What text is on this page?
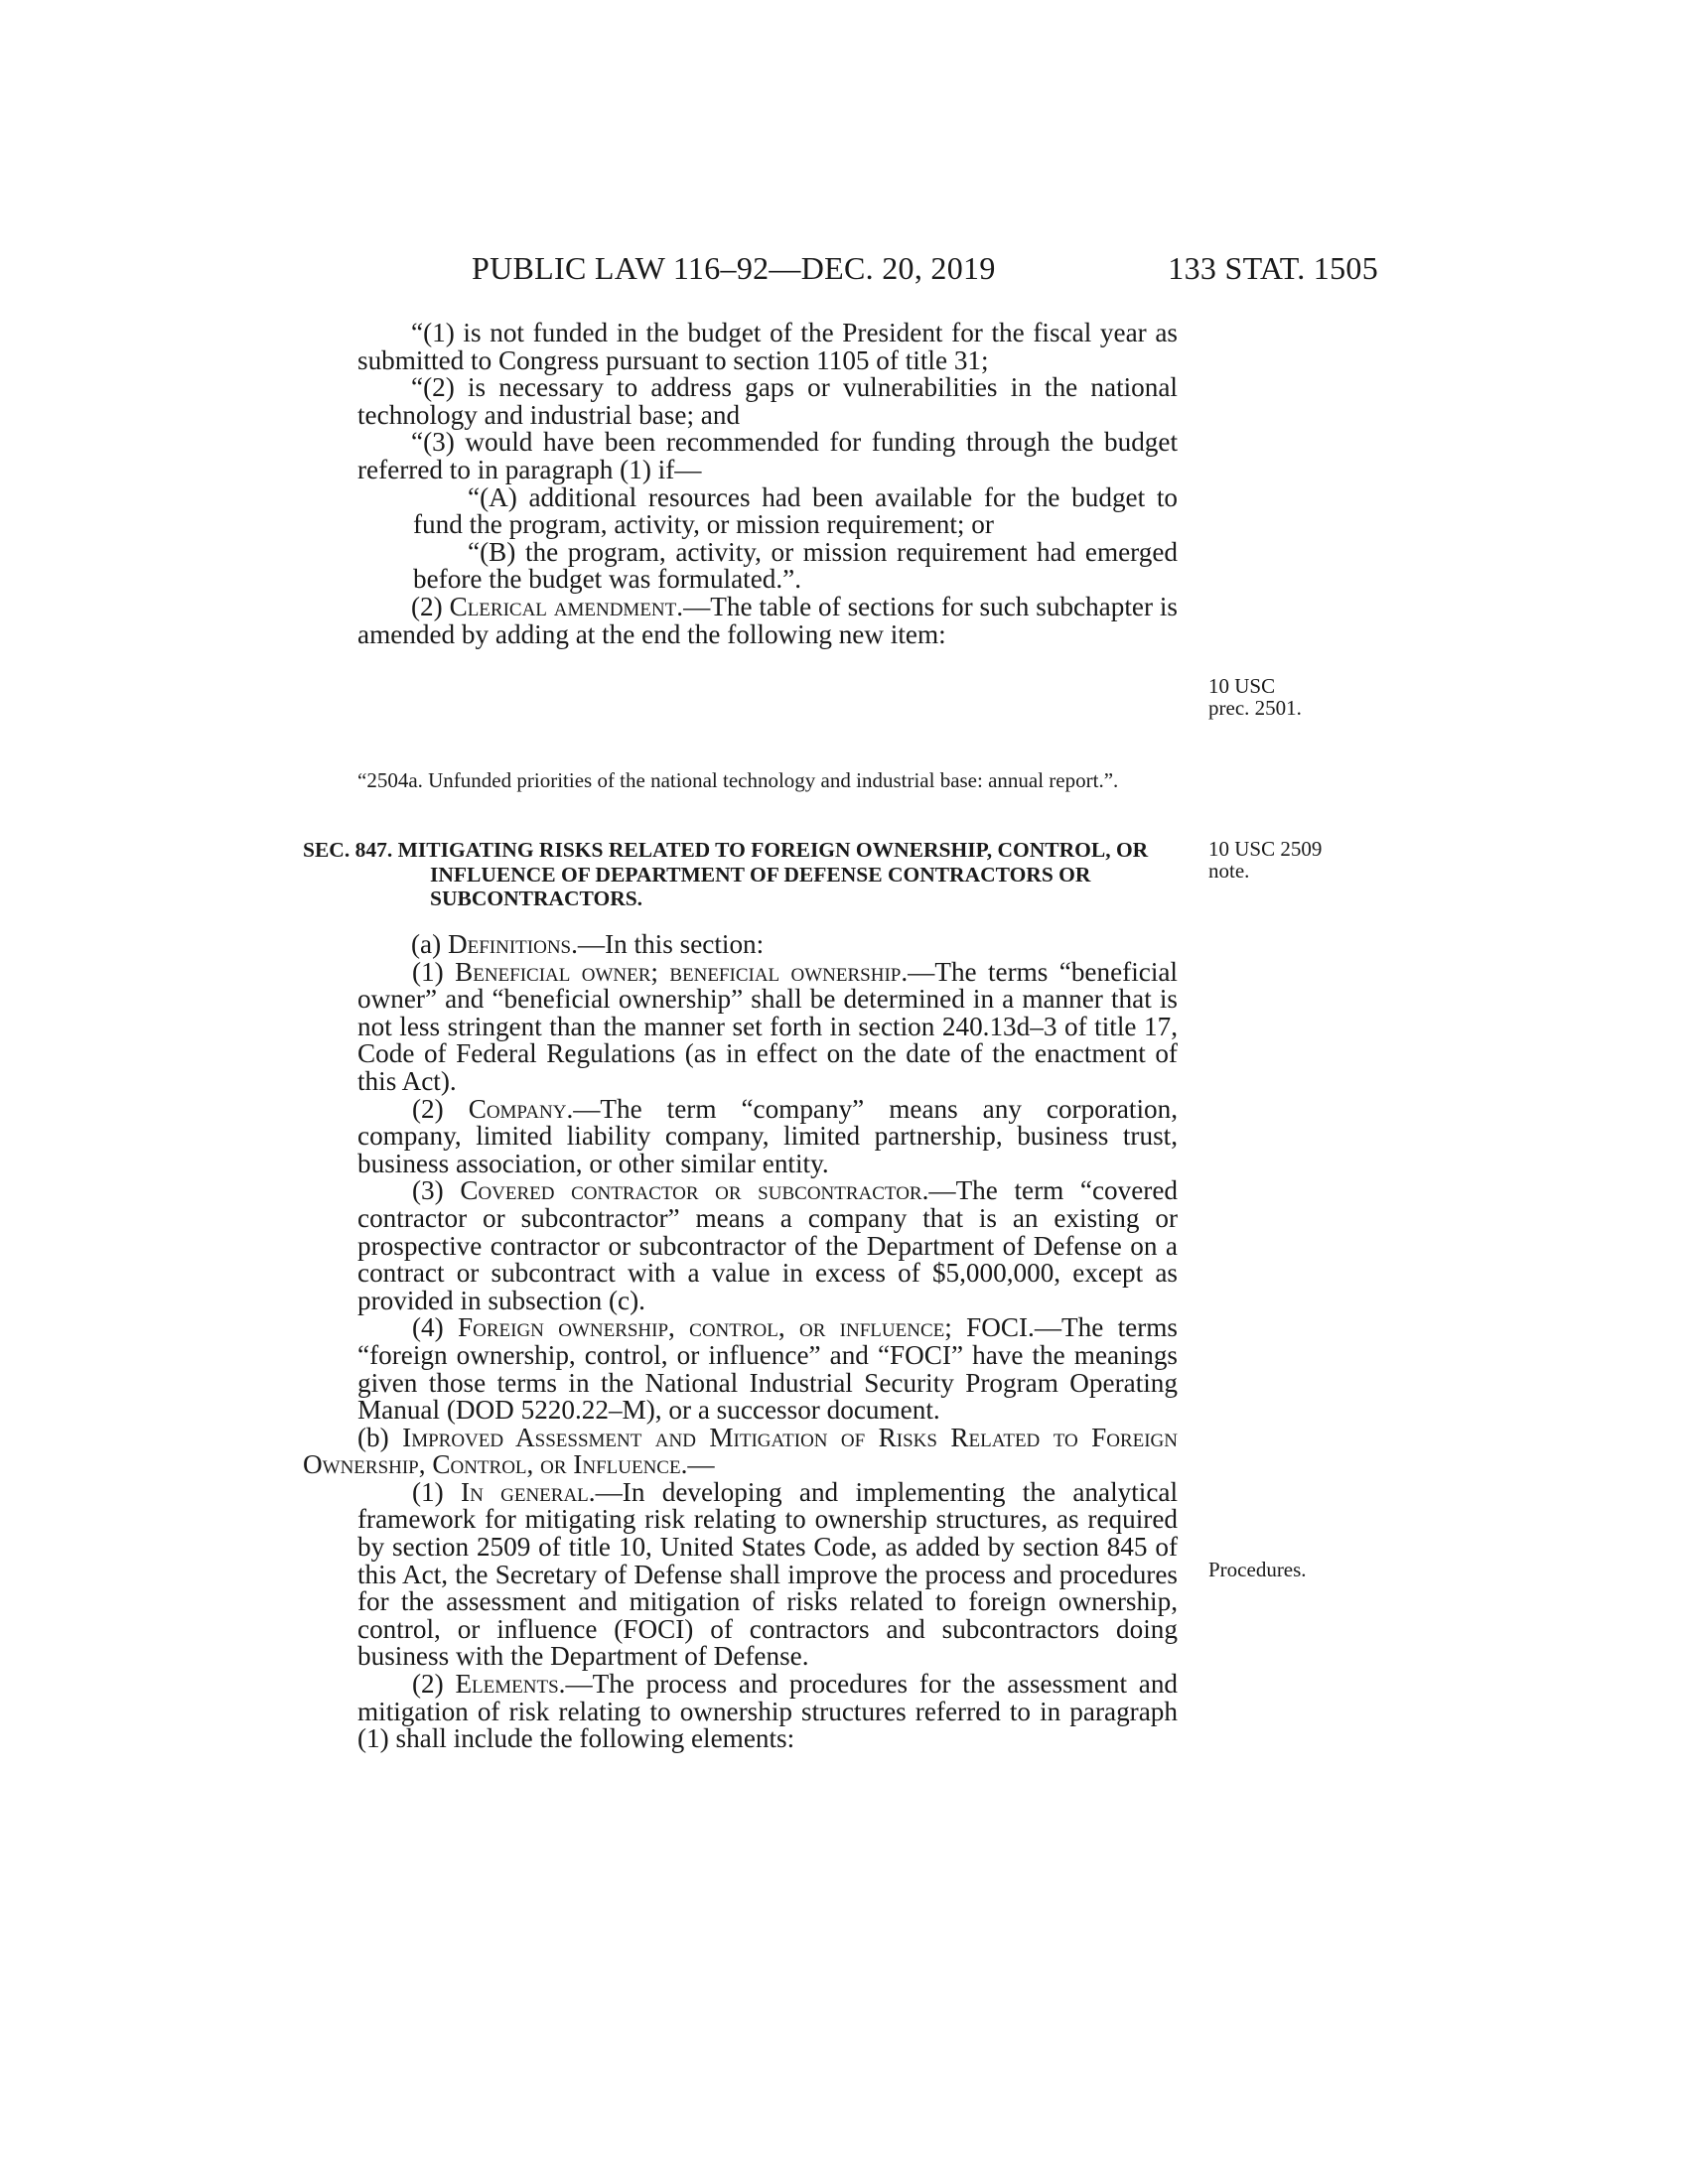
PUBLIC LAW 116–92—DEC. 20, 2019	133 STAT. 1505

“(1) is not funded in the budget of the President for the fiscal year as submitted to Congress pursuant to section 1105 of title 31;

“(2) is necessary to address gaps or vulnerabilities in the national technology and industrial base; and

“(3) would have been recommended for funding through the budget referred to in paragraph (1) if—

“(A) additional resources had been available for the budget to fund the program, activity, or mission requirement; or

“(B) the program, activity, or mission requirement had emerged before the budget was formulated.”.

(2) Clerical amendment.—The table of sections for such subchapter is amended by adding at the end the following new item:

10 USC
prec. 2501.

“2504a. Unfunded priorities of the national technology and industrial base: annual report.”.

SEC. 847. MITIGATING RISKS RELATED TO FOREIGN OWNERSHIP, CONTROL, OR INFLUENCE OF DEPARTMENT OF DEFENSE CONTRACTORS OR SUBCONTRACTORS.

10 USC 2509
note.

(a) Definitions.—In this section:

(1) Beneficial owner; beneficial ownership.—The terms “beneficial owner” and “beneficial ownership” shall be determined in a manner that is not less stringent than the manner set forth in section 240.13d–3 of title 17, Code of Federal Regulations (as in effect on the date of the enactment of this Act).

(2) Company.—The term “company” means any corporation, company, limited liability company, limited partnership, business trust, business association, or other similar entity.

(3) Covered contractor or subcontractor.—The term “covered contractor or subcontractor” means a company that is an existing or prospective contractor or subcontractor of the Department of Defense on a contract or subcontract with a value in excess of $5,000,000, except as provided in subsection (c).

(4) Foreign ownership, control, or influence; FOCI.—The terms “foreign ownership, control, or influence” and “FOCI” have the meanings given those terms in the National Industrial Security Program Operating Manual (DOD 5220.22–M), or a successor document.

(b) Improved Assessment and Mitigation of Risks Related to Foreign Ownership, Control, or Influence.—

(1) In general.—In developing and implementing the analytical framework for mitigating risk relating to ownership structures, as required by section 2509 of title 10, United States Code, as added by section 845 of this Act, the Secretary of Defense shall improve the process and procedures for the assessment and mitigation of risks related to foreign ownership, control, or influence (FOCI) of contractors and subcontractors doing business with the Department of Defense.

(2) Elements.—The process and procedures for the assessment and mitigation of risk relating to ownership structures referred to in paragraph (1) shall include the following elements:

Procedures.
